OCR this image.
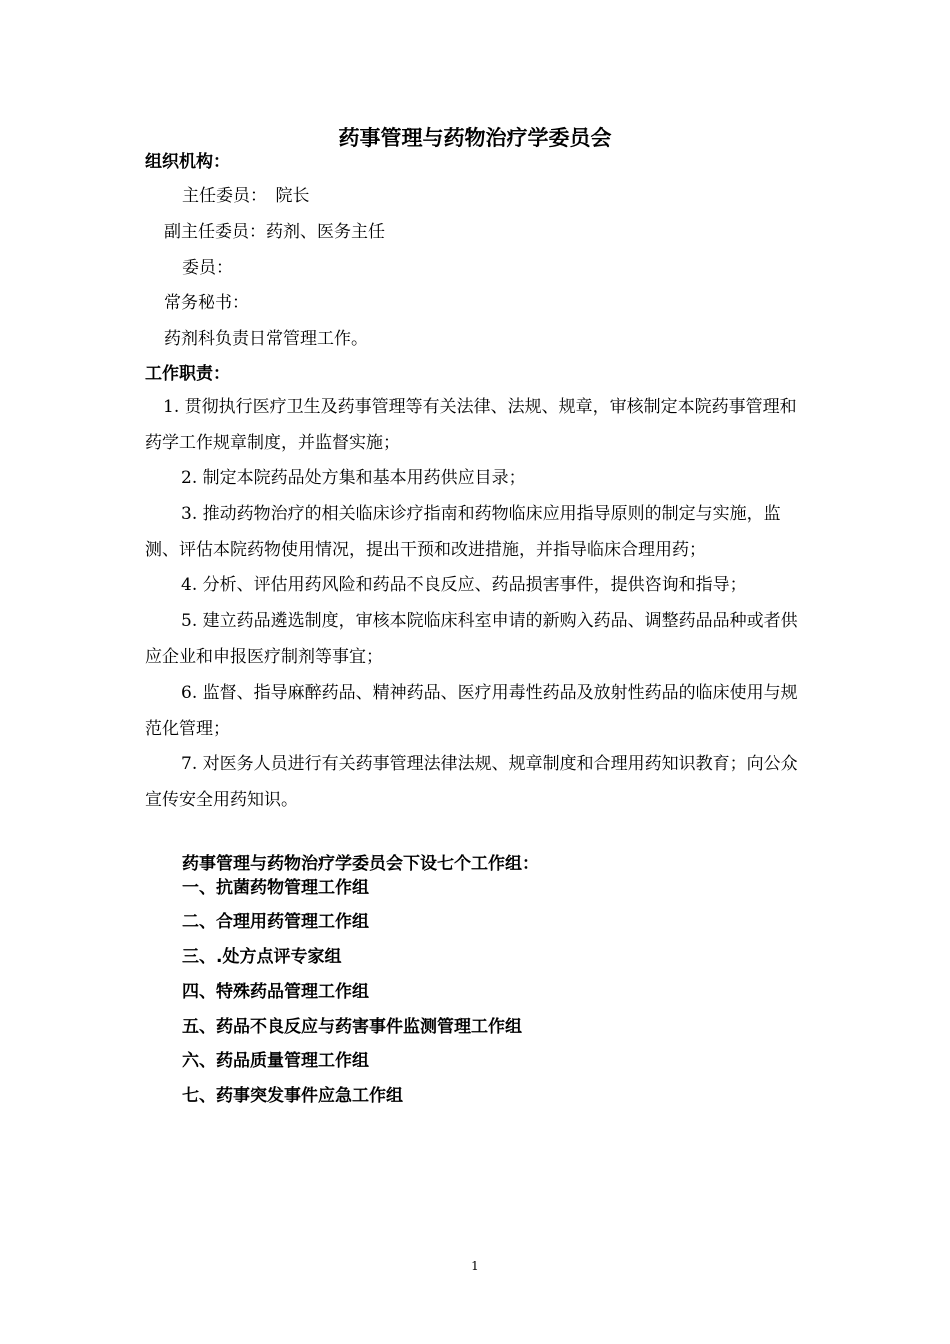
药事管理与药物治疗学委员会
组织机构：
主任委员：　院长
副主任委员：药剂、医务主任
委员：
常务秘书：
药剂科负责日常管理工作。
工作职责：
1. 贯彻执行医疗卫生及药事管理等有关法律、法规、规章，审核制定本院药事管理和药学工作规章制度，并监督实施；
2. 制定本院药品处方集和基本用药供应目录；
3. 推动药物治疗的相关临床诊疗指南和药物临床应用指导原则的制定与实施，监测、评估本院药物使用情况，提出干预和改进措施，并指导临床合理用药；
4. 分析、评估用药风险和药品不良反应、药品损害事件，提供咨询和指导；
5. 建立药品遴选制度，审核本院临床科室申请的新购入药品、调整药品品种或者供应企业和申报医疗制剂等事宜；
6. 监督、指导麻醉药品、精神药品、医疗用毒性药品及放射性药品的临床使用与规范化管理；
7. 对医务人员进行有关药事管理法律法规、规章制度和合理用药知识教育；向公众宣传安全用药知识。
药事管理与药物治疗学委员会下设七个工作组：
一、抗菌药物管理工作组
二、合理用药管理工作组
三、.处方点评专家组
四、特殊药品管理工作组
五、药品不良反应与药害事件监测管理工作组
六、药品质量管理工作组
七、药事突发事件应急工作组
1
